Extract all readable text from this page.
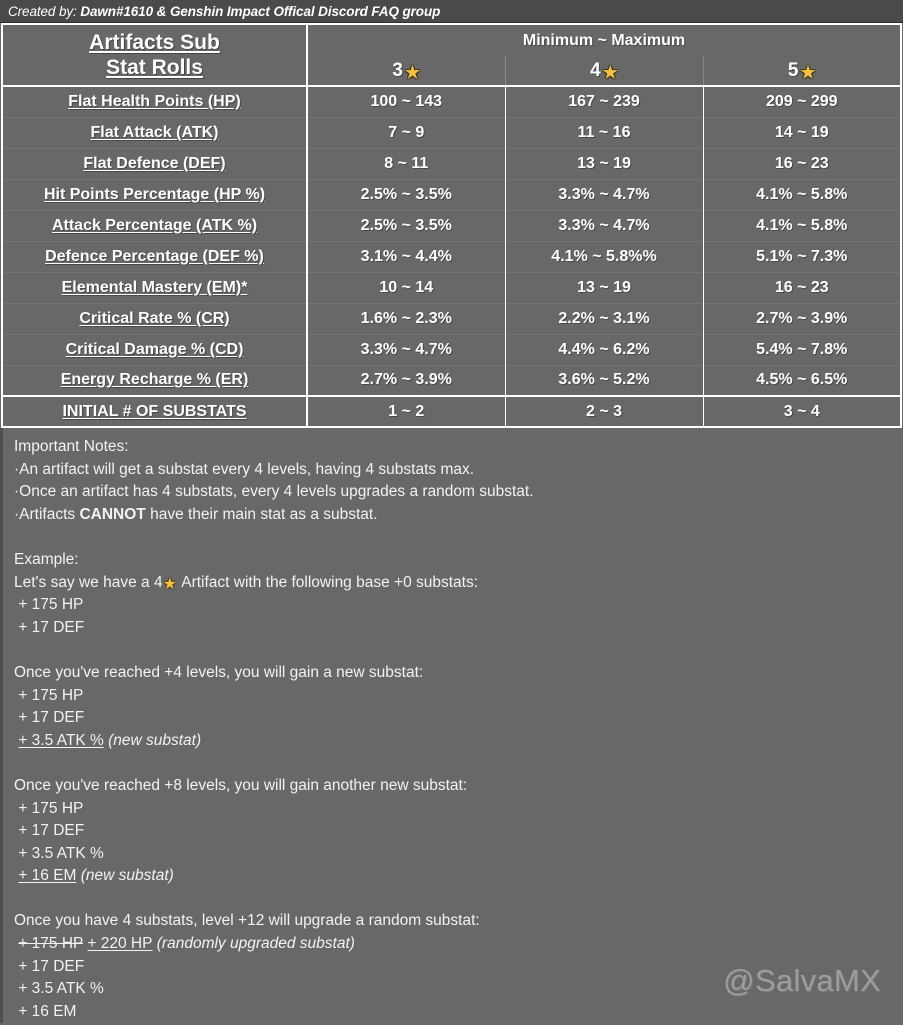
Created by: Dawn#1610 & Genshin Impact Offical Discord FAQ group
Artifacts Sub
Stat Rolls	Minimum ~ Maximum		
	3 ★	4 ★	5 ★
Flat Health Points (HP)	100 ~ 143	167 ~ 239	209 ~ 299
Flat Attack (ATK)	7 ~ 9	11 ~ 16	14 ~ 19
Flat Defence (DEF)	8 ~ 11	13 ~ 19	16 ~ 23
Hit Points Percentage (HP %)	2.5% ~ 3.5%	3.3% ~ 4.7%	4.1% ~ 5.8%
Attack Percentage (ATK %)	2.5% ~ 3.5%	3.3% ~ 4.7%	4.1% ~ 5.8%
Defence Percentage (DEF %)	3.1% ~ 4.4%	4.1% ~ 5.8%%	5.1% ~ 7.3%
Elemental Mastery (EM)*	10 ~ 14	13 ~ 19	16 ~ 23
Critical Rate % (CR)	1.6% ~ 2.3%	2.2% ~ 3.1%	2.7% ~ 3.9%
Critical Damage % (CD)	3.3% ~ 4.7%	4.4% ~ 6.2%	5.4% ~ 7.8%
Energy Recharge % (ER)	2.7% ~ 3.9%	3.6% ~ 5.2%	4.5% ~ 6.5%
INITIAL # OF SUBSTATS	1 ~ 2	2 ~ 3	3 ~ 4
Important Notes:
·An artifact will get a substat every 4 levels, having 4 substats max.
·Once an artifact has 4 substats, every 4 levels upgrades a random substat.
·Artifacts CANNOT have their main stat as a substat.
Example:
Let's say we have a 4★ Artifact with the following base +0 substats:
+ 175 HP
+ 17 DEF
Once you've reached +4 levels, you will gain a new substat:
+ 175 HP
+ 17 DEF
+ 3.5 ATK % (new substat)
Once you've reached +8 levels, you will gain another new substat:
+ 175 HP
+ 17 DEF
+ 3.5 ATK %
+ 16 EM (new substat)
Once you have 4 substats, level +12 will upgrade a random substat:
+ 175 HP + 220 HP (randomly upgraded substat)
+ 17 DEF
+ 3.5 ATK %
+ 16 EM
@SalvaMX
